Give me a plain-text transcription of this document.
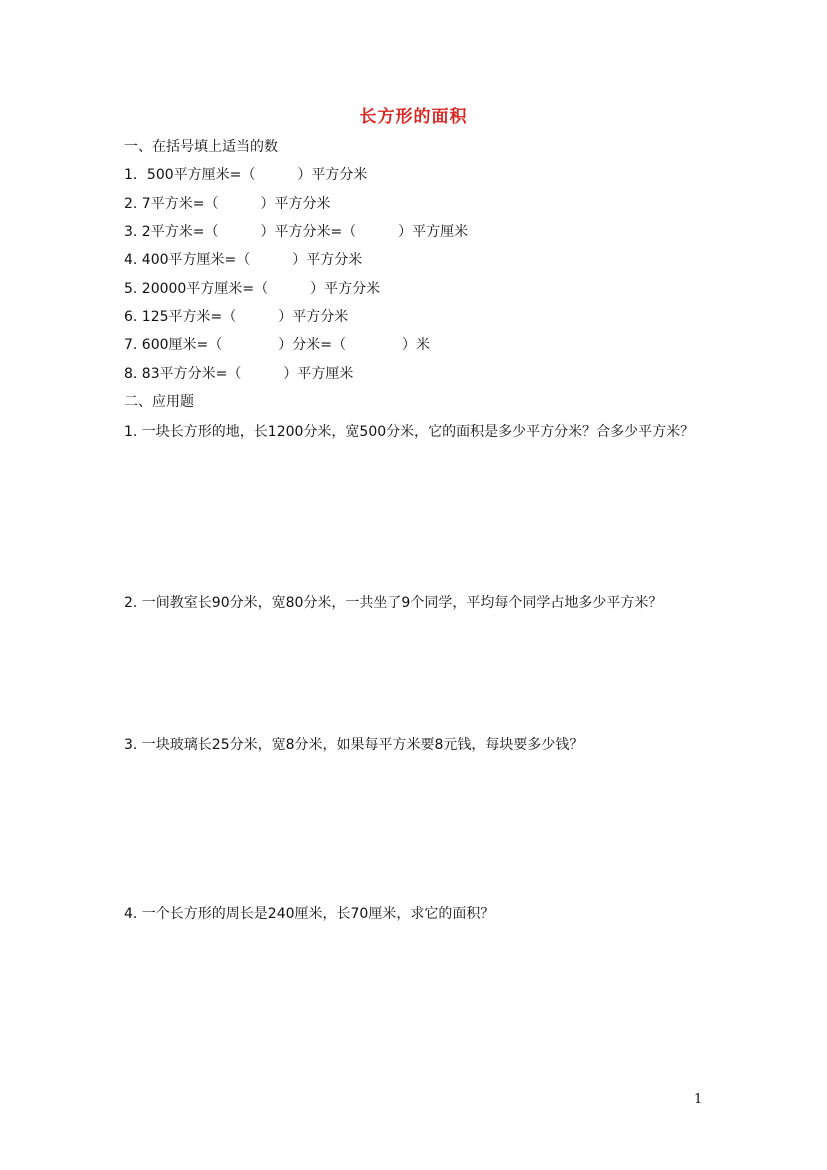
长方形的面积
一、在括号填上适当的数
1．500平方厘米=（　　　）平方分米
2. 7平方米=（　　　）平方分米
3. 2平方米=（　　　）平方分米=（　　　）平方厘米
4. 400平方厘米=（　　　）平方分米
5. 20000平方厘米=（　　　）平方分米
6. 125平方米=（　　　）平方分米
7. 600厘米=（　　　　）分米=（　　　　）米
8. 83平方分米=（　　　）平方厘米
二、应用题
1. 一块长方形的地，长1200分米，宽500分米，它的面积是多少平方分米？合多少平方米？
2. 一间教室长90分米，宽80分米，一共坐了9个同学，平均每个同学占地多少平方米？
3. 一块玻璃长25分米，宽8分米，如果每平方米要8元钱，每块要多少钱？
4. 一个长方形的周长是240厘米，长70厘米，求它的面积？
1
